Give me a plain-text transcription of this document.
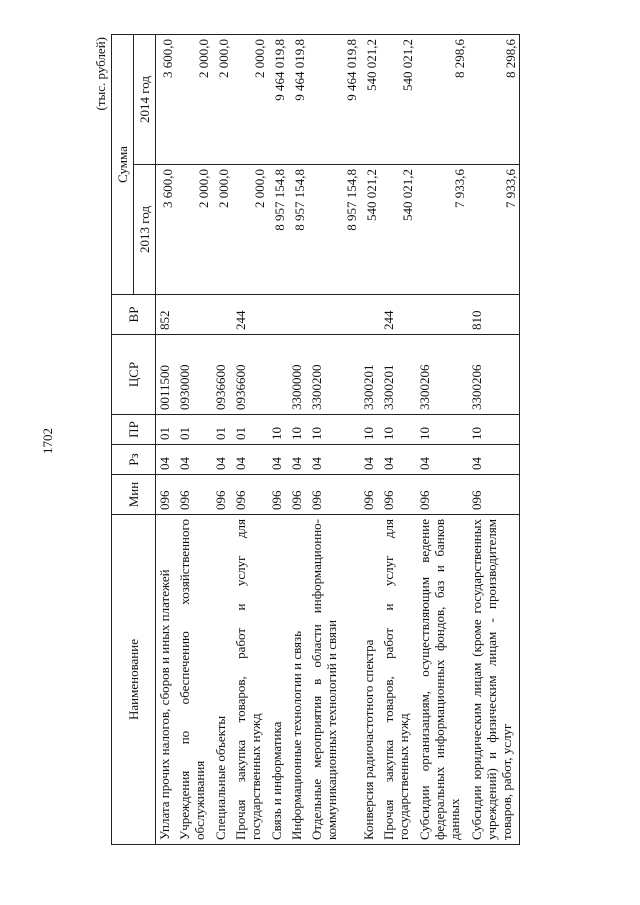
1702
(тыс. рублей)
Наименование	Мин	Рз	ПР	ЦСР	ВР	Сумма	
						2013 год	2014 год
Уплата прочих налогов, сборов и иных платежей	096	04	01	0011500	852	3 600,0	3 600,0
Учреждения по обеспечению хозяйственного обслуживания	096	04	01	0930000		2 000,0	2 000,0
Специальные объекты	096	04	01	0936600		2 000,0	2 000,0
Прочая закупка товаров, работ и услуг для государственных нужд	096	04	01	0936600	244	2 000,0	2 000,0
Связь и информатика	096	04	10			8 957 154,8	9 464 019,8
Информационные технологии и связь	096	04	10	3300000		8 957 154,8	9 464 019,8
Отдельные мероприятия в области информационно-коммуникационных технологий и связи	096	04	10	3300200		8 957 154,8	9 464 019,8
Конверсия радиочастотного спектра	096	04	10	3300201		540 021,2	540 021,2
Прочая закупка товаров, работ и услуг для государственных нужд	096	04	10	3300201	244	540 021,2	540 021,2
Субсидии организациям, осуществляющим ведение федеральных информационных фондов, баз и банков данных	096	04	10	3300206		7 933,6	8 298,6
Субсидии юридическим лицам (кроме государственных учреждений) и физическим лицам - производителям товаров, работ, услуг	096	04	10	3300206	810	7 933,6	8 298,6
